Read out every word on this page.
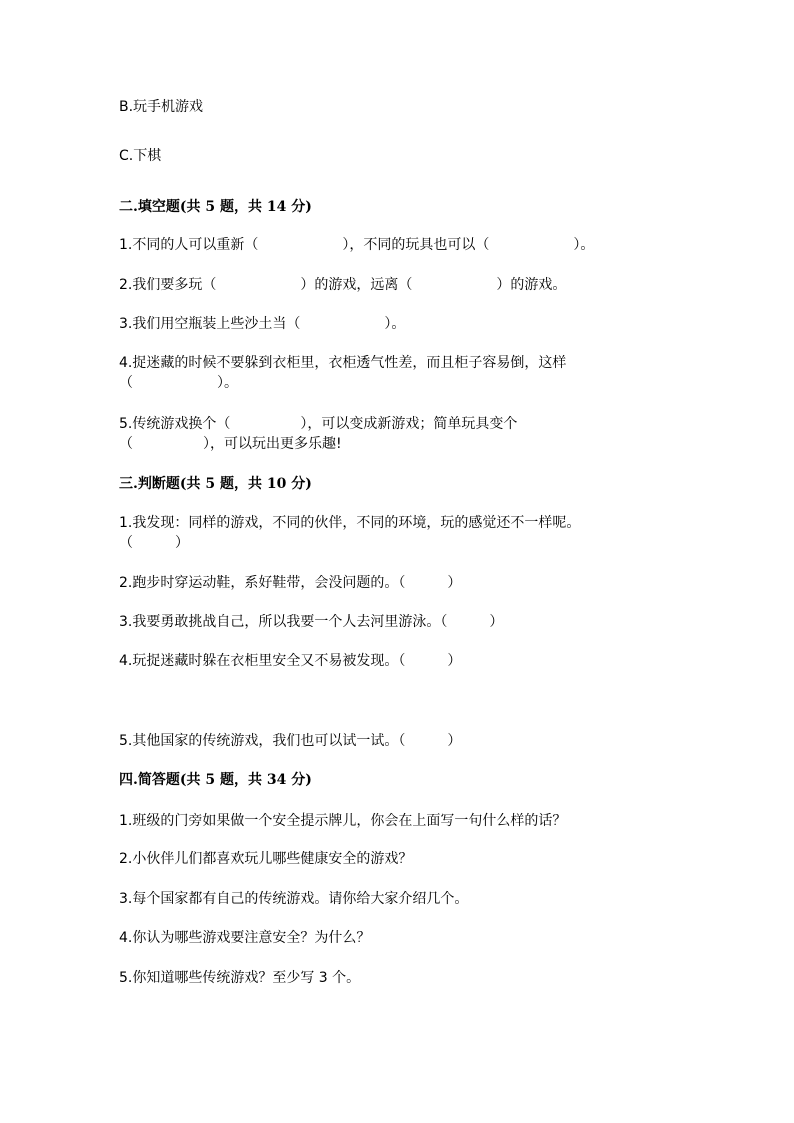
B.玩手机游戏
C.下棋
二.填空题(共 5 题，共 14 分)
1.不同的人可以重新（　　　　　　），不同的玩具也可以（　　　　　　）。
2.我们要多玩（　　　　　　）的游戏，远离（　　　　　　）的游戏。
3.我们用空瓶装上些沙土当（　　　　　　）。
4.捉迷藏的时候不要躲到衣柜里，衣柜透气性差，而且柜子容易倒，这样
（　　　　　　）。
5.传统游戏换个（　　　　　），可以变成新游戏；简单玩具变个
（　　　　　），可以玩出更多乐趣!
三.判断题(共 5 题，共 10 分)
1.我发现：同样的游戏，不同的伙伴，不同的环境，玩的感觉还不一样呢。
（　　　）
2.跑步时穿运动鞋，系好鞋带，会没问题的。（　　　）
3.我要勇敢挑战自己，所以我要一个人去河里游泳。（　　　）
4.玩捉迷藏时躲在衣柜里安全又不易被发现。（　　　）
5.其他国家的传统游戏，我们也可以试一试。（　　　）
四.简答题(共 5 题，共 34 分)
1.班级的门旁如果做一个安全提示牌儿，你会在上面写一句什么样的话？
2.小伙伴儿们都喜欢玩儿哪些健康安全的游戏？
3.每个国家都有自己的传统游戏。请你给大家介绍几个。
4.你认为哪些游戏要注意安全？为什么？
5.你知道哪些传统游戏？至少写 3 个。
